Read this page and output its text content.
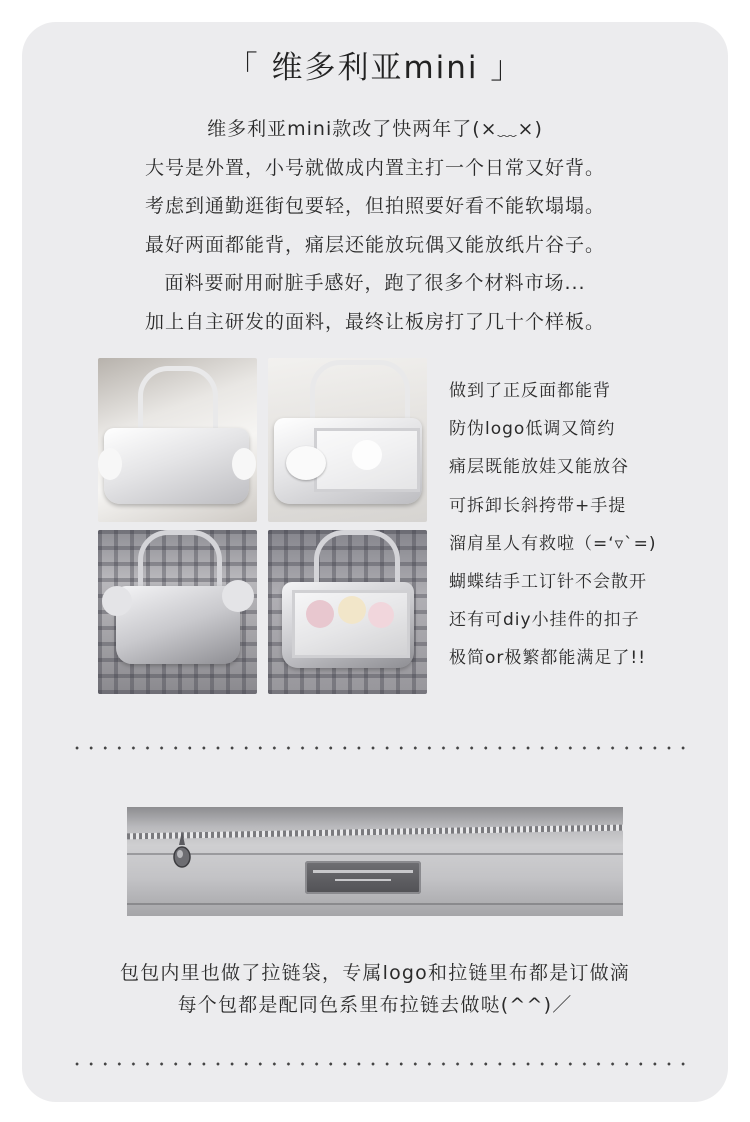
「 维多利亚mini 」
维多利亚mini款改了快两年了(×﹏×)
大号是外置，小号就做成内置主打一个日常又好背。
考虑到通勤逛街包要轻，但拍照要好看不能软塌塌。
最好两面都能背，痛层还能放玩偶又能放纸片谷子。
面料要耐用耐脏手感好，跑了很多个材料市场...
加上自主研发的面料，最终让板房打了几十个样板。
做到了正反面都能背
防伪logo低调又简约
痛层既能放娃又能放谷
可拆卸长斜挎带+手提
溜肩星人有救啦（=‘▿`=)
蝴蝶结手工订针不会散开
还有可diy小挂件的扣子
极简or极繁都能满足了!!
包包内里也做了拉链袋，专属logo和拉链里布都是订做滴
每个包都是配同色系里布拉链去做哒(^^)／
